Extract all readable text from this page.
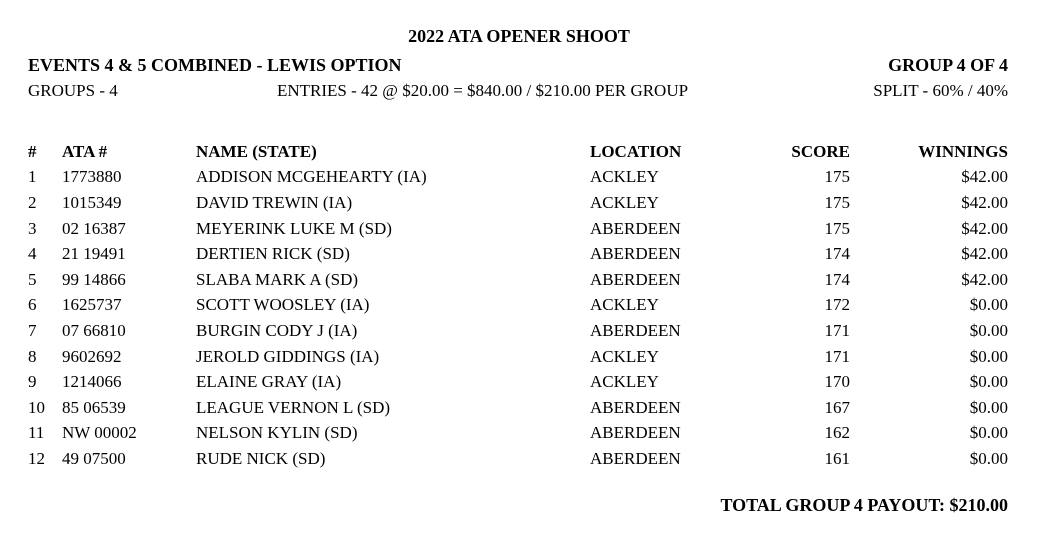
2022 ATA OPENER SHOOT
EVENTS 4 & 5 COMBINED - LEWIS OPTION	GROUP 4 OF 4
GROUPS - 4	ENTRIES - 42 @ $20.00 = $840.00 / $210.00 PER GROUP	SPLIT - 60% / 40%
#	ATA #	NAME (STATE)	LOCATION	SCORE	WINNINGS
1	1773880	ADDISON MCGEHEARTY (IA)	ACKLEY	175	$42.00
2	1015349	DAVID TREWIN (IA)	ACKLEY	175	$42.00
3	02 16387	MEYERINK LUKE M (SD)	ABERDEEN	175	$42.00
4	21 19491	DERTIEN RICK (SD)	ABERDEEN	174	$42.00
5	99 14866	SLABA MARK A (SD)	ABERDEEN	174	$42.00
6	1625737	SCOTT WOOSLEY (IA)	ACKLEY	172	$0.00
7	07 66810	BURGIN CODY J (IA)	ABERDEEN	171	$0.00
8	9602692	JEROLD GIDDINGS (IA)	ACKLEY	171	$0.00
9	1214066	ELAINE GRAY (IA)	ACKLEY	170	$0.00
10	85 06539	LEAGUE VERNON L (SD)	ABERDEEN	167	$0.00
11	NW 00002	NELSON KYLIN (SD)	ABERDEEN	162	$0.00
12	49 07500	RUDE NICK (SD)	ABERDEEN	161	$0.00
TOTAL GROUP 4 PAYOUT: $210.00
